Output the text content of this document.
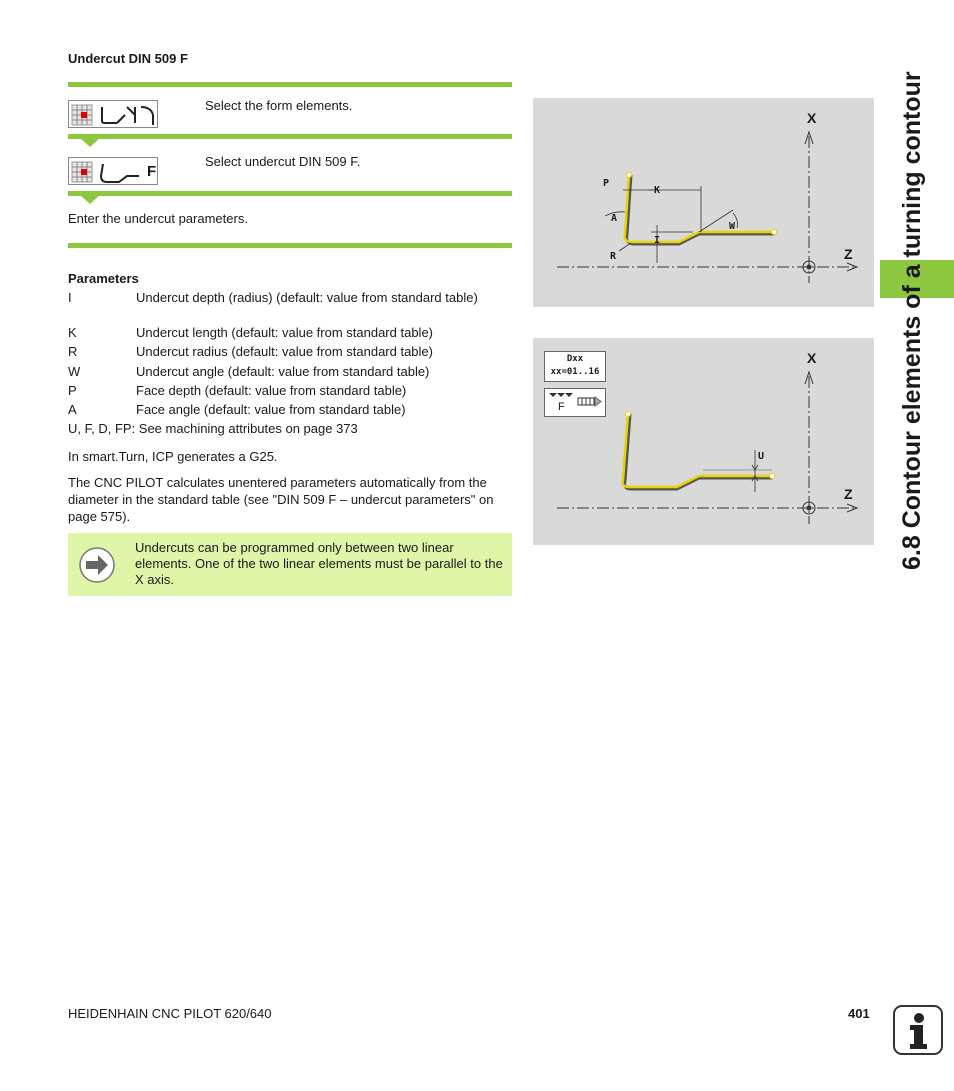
Undercut DIN 509 F
Select the form elements.
F
Select undercut DIN 509 F.
Enter the undercut parameters.
Parameters
I	Undercut depth (radius) (default: value from standard table)
K	Undercut length (default: value from standard table)
R	Undercut radius (default: value from standard table)
W	Undercut angle (default: value from standard table)
P	Face depth (default: value from standard table)
A	Face angle (default: value from standard table)
U, F, D, FP: See machining attributes on page 373
In smart.Turn, ICP generates a G25.
The CNC PILOT calculates unentered parameters automatically from the diameter in the standard table (see "DIN 509 F – undercut parameters" on page 575).
Undercuts can be programmed only between two linear elements. One of the two linear elements must be parallel to the X axis.
X
Z
P
K
A
I
W
R
Dxx
xx=01..16
F
X
Z
U	6.8 Contour elements of a turning contour
HEIDENHAIN CNC PILOT 620/640	401
